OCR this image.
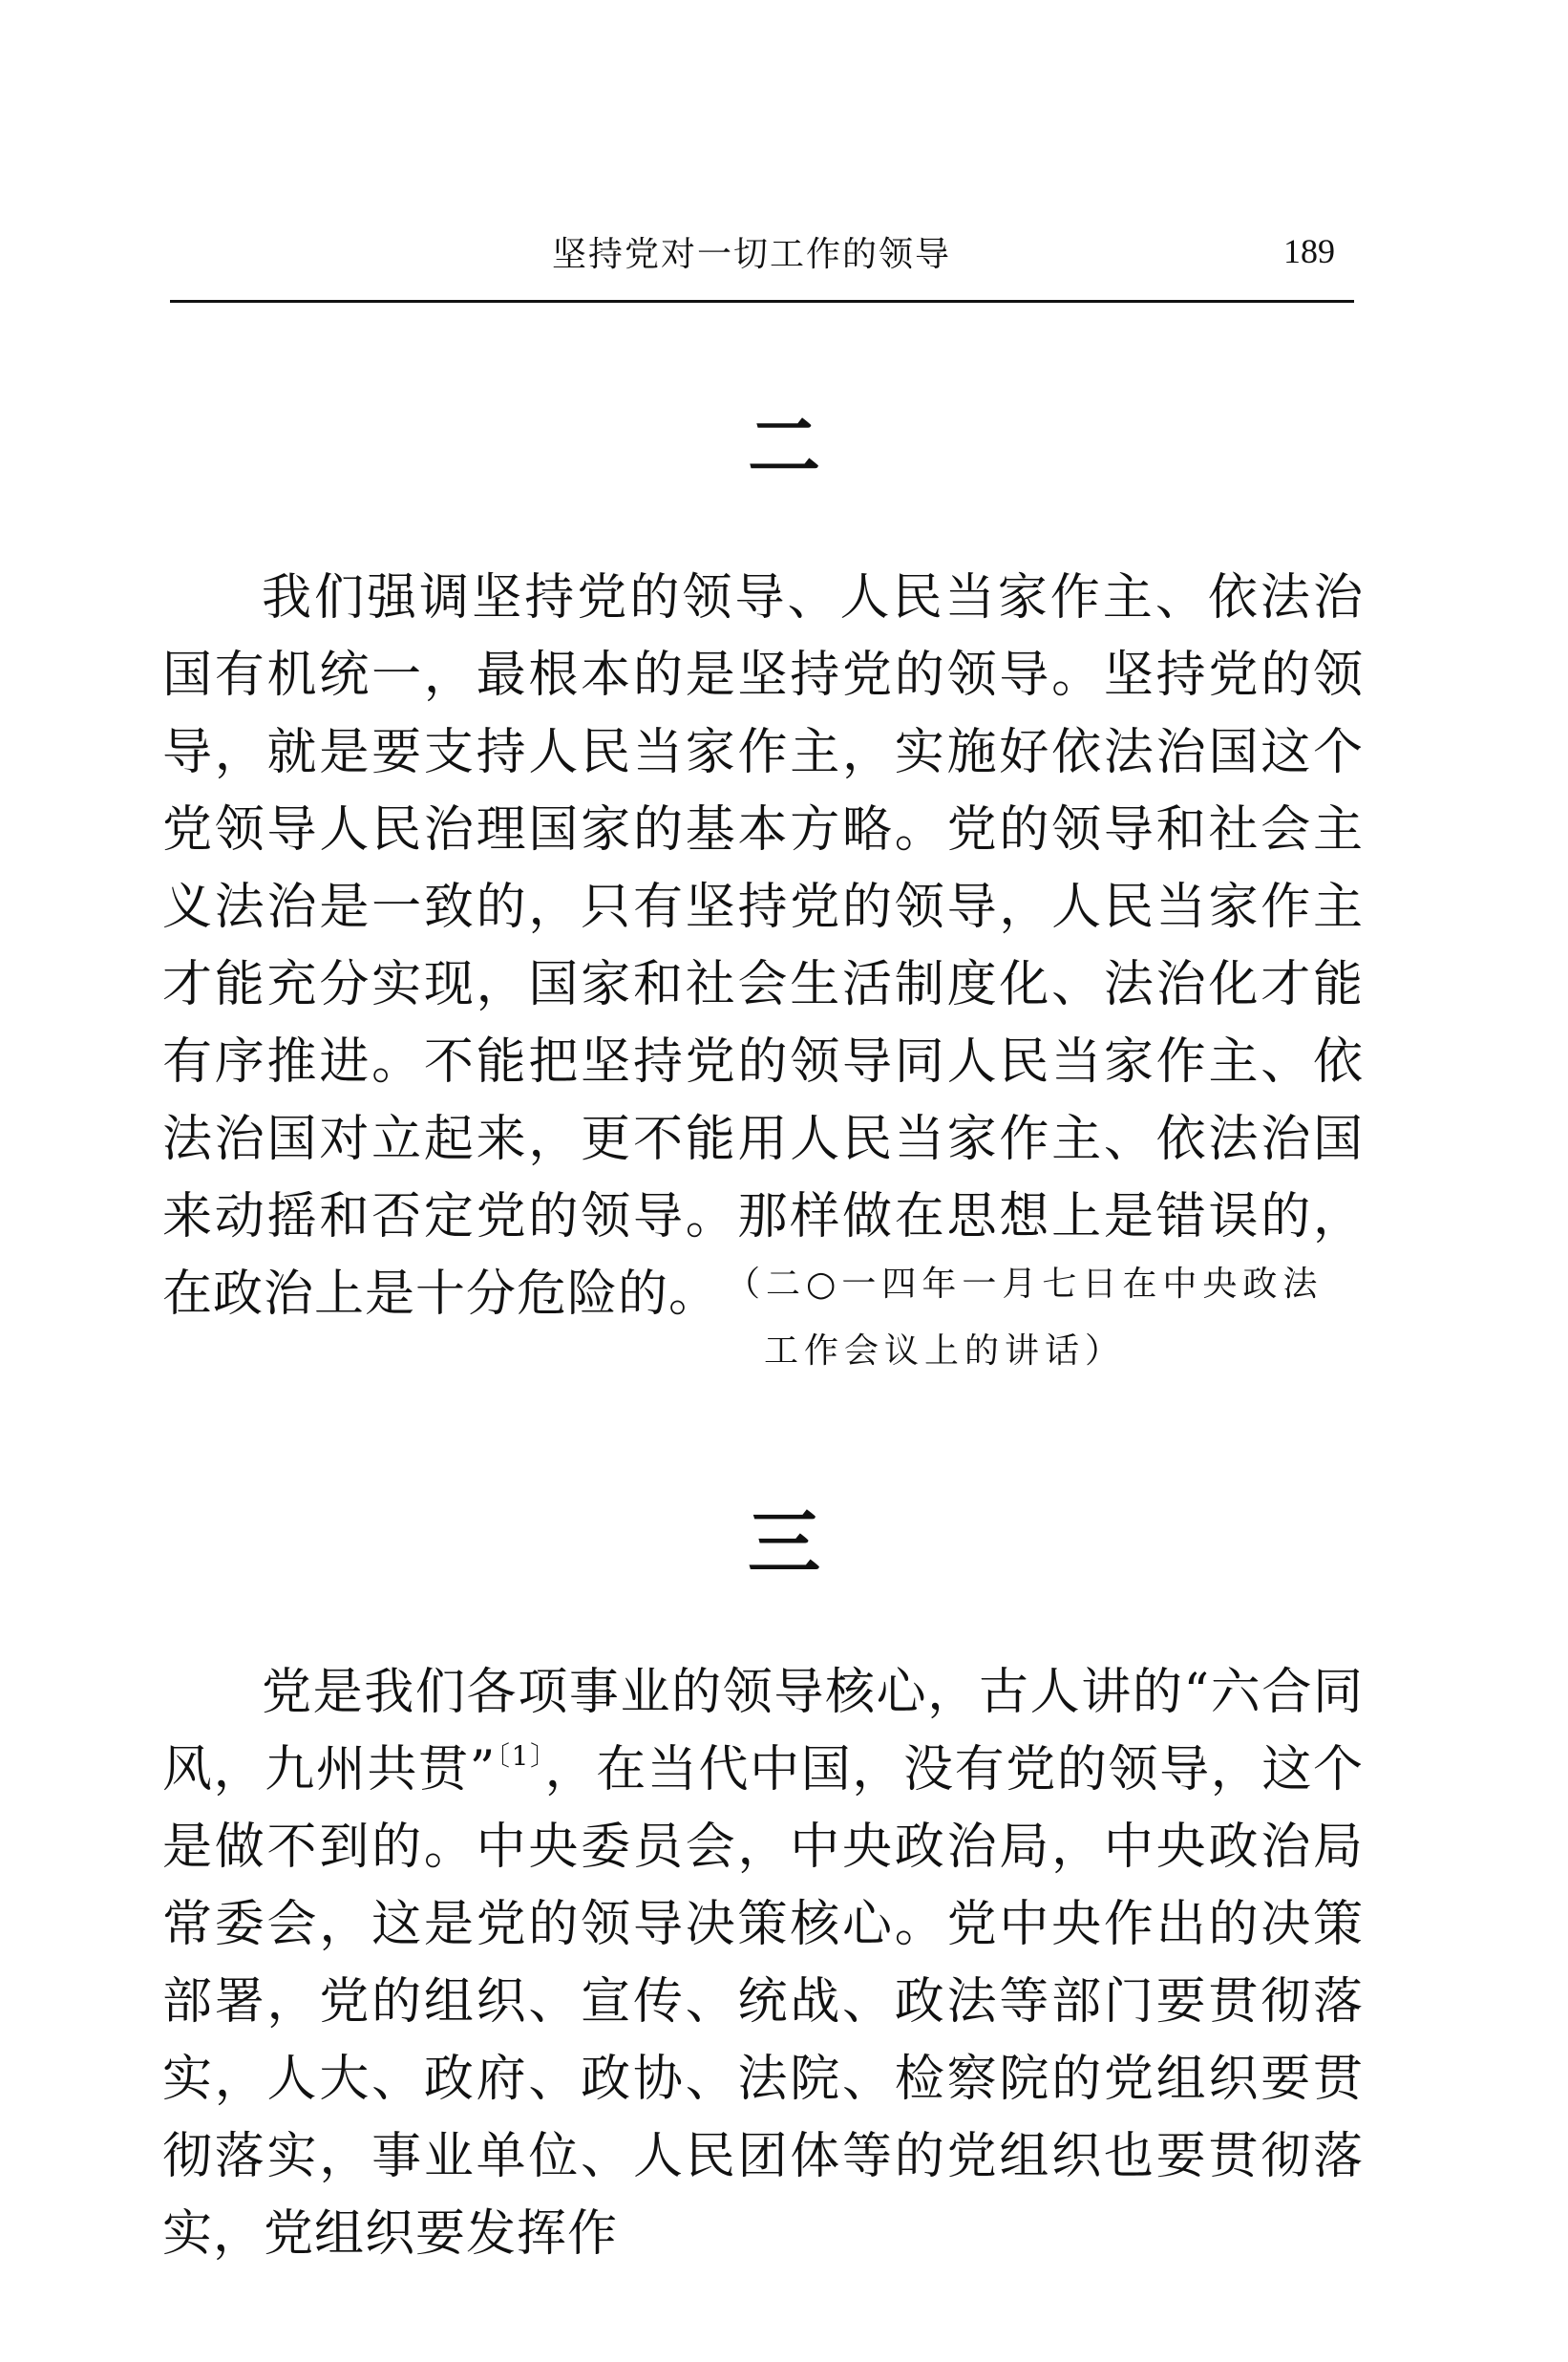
坚持党对一切工作的领导	189
二

我们强调坚持党的领导、人民当家作主、依法治国有机统一，最根本的是坚持党的领导。坚持党的领导，就是要支持人民当家作主，实施好依法治国这个党领导人民治理国家的基本方略。党的领导和社会主义法治是一致的，只有坚持党的领导，人民当家作主才能充分实现，国家和社会生活制度化、法治化才能有序推进。不能把坚持党的领导同人民当家作主、依法治国对立起来，更不能用人民当家作主、依法治国来动摇和否定党的领导。那样做在思想上是错误的，在政治上是十分危险的。 （二○一四年一月七日在中央政法
工作会议上的讲话）
三

党是我们各项事业的领导核心，古人讲的“六合同风，九州共贯”$^{〔1〕}$，在当代中国，没有党的领导，这个是做不到的。中央委员会，中央政治局，中央政治局常委会，这是党的领导决策核心。党中央作出的决策部署，党的组织、宣传、统战、政法等部门要贯彻落实，人大、政府、政协、法院、检察院的党组织要贯彻落实，事业单位、人民团体等的党组织也要贯彻落实，党组织要发挥作
